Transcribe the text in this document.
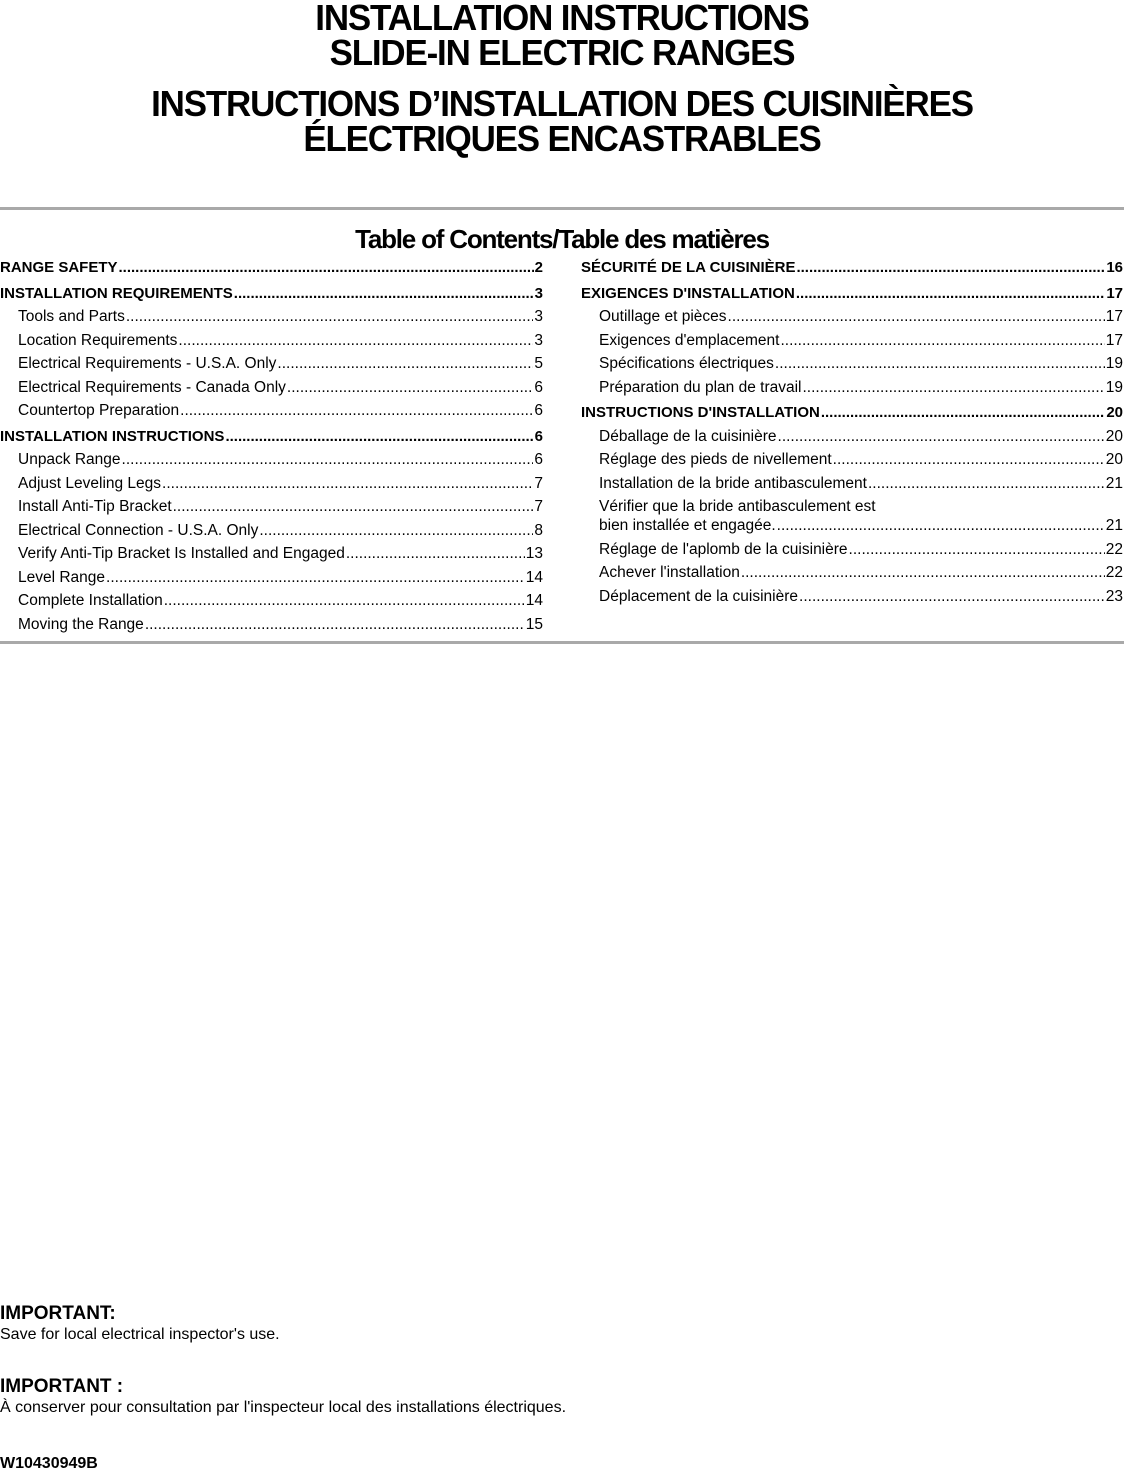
INSTALLATION INSTRUCTIONS
SLIDE-IN ELECTRIC RANGES
INSTRUCTIONS D’INSTALLATION DES CUISINIÈRES
ÉLECTRIQUES ENCASTRABLES
Table of Contents/Table des matières
RANGE SAFETY .....	2
INSTALLATION REQUIREMENTS .....	3
Tools and Parts .....	3
Location Requirements .....	3
Electrical Requirements - U.S.A. Only .....	5
Electrical Requirements - Canada Only .....	6
Countertop Preparation .....	6
INSTALLATION INSTRUCTIONS .....	6
Unpack Range .....	6
Adjust Leveling Legs .....	7
Install Anti-Tip Bracket .....	7
Electrical Connection - U.S.A. Only .....	8
Verify Anti-Tip Bracket Is Installed and Engaged .....	13
Level Range .....	14
Complete Installation .....	14
Moving the Range .....	15
SÉCURITÉ DE LA CUISINIÈRE .....	16
EXIGENCES D'INSTALLATION .....	17
Outillage et pièces .....	17
Exigences d'emplacement .....	17
Spécifications électriques .....	19
Préparation du plan de travail .....	19
INSTRUCTIONS D'INSTALLATION .....	20
Déballage de la cuisinière .....	20
Réglage des pieds de nivellement .....	20
Installation de la bride antibasculement .....	21
Vérifier que la bride antibasculement est
bien installée et engagée. .....	21
Réglage de l'aplomb de la cuisinière .....	22
Achever l'installation .....	22
Déplacement de la cuisinière .....	23
IMPORTANT:
Save for local electrical inspector's use.
IMPORTANT :
À conserver pour consultation par l'inspecteur local des installations électriques.
W10430949B
